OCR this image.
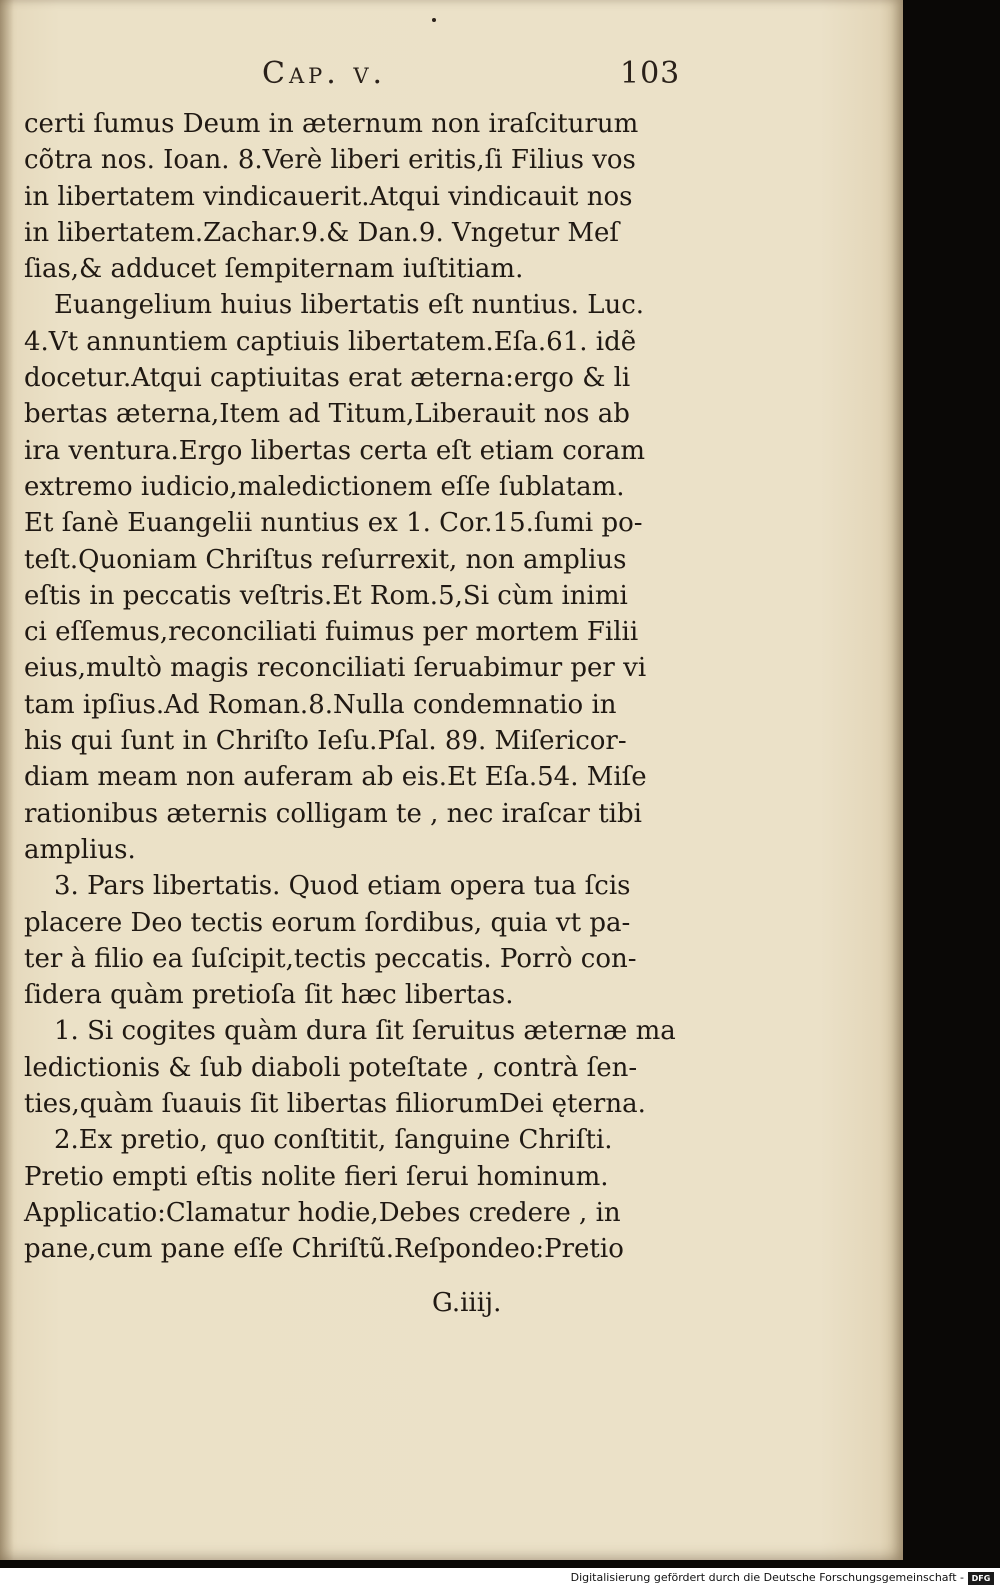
Cap. v.	103
certi ſumus Deum in æternum non iraſciturum
cõtra nos. Ioan. 8.Verè liberi eritis,ſi Filius vos
in libertatem vindicauerit.Atqui vindicauit nos
in libertatem.Zachar.9.& Dan.9. Vngetur Meſ
ſias,& adducet ſempiternam iuſtitiam.
Euangelium huius libertatis eſt nuntius. Luc.
4.Vt annuntiem captiuis libertatem.Eſa.61. idẽ
docetur.Atqui captiuitas erat æterna:ergo & li
bertas æterna,Item ad Titum,Liberauit nos ab
ira ventura.Ergo libertas certa eſt etiam coram
extremo iudicio,maledictionem eſſe ſublatam.
Et ſanè Euangelii nuntius ex 1. Cor.15.ſumi po-
teſt.Quoniam Chriſtus reſurrexit, non amplius
eſtis in peccatis veſtris.Et Rom.5,Si cùm inimi
ci eſſemus,reconciliati fuimus per mortem Filii
eius,multò magis reconciliati ſeruabimur per vi
tam ipſius.Ad Roman.8.Nulla condemnatio in
his qui ſunt in Chriſto Ieſu.Pſal. 89. Miſericor-
diam meam non auferam ab eis.Et Eſa.54. Miſe
rationibus æternis colligam te , nec iraſcar tibi
amplius.
3. Pars libertatis. Quod etiam opera tua ſcis
placere Deo tectis eorum ſordibus, quia vt pa-
ter à filio ea ſuſcipit,tectis peccatis. Porrò con-
ſidera quàm pretioſa ſit hæc libertas.
1. Si cogites quàm dura ſit ſeruitus æternæ ma
ledictionis & ſub diaboli poteſtate , contrà ſen-
ties,quàm ſuauis ſit libertas filiorumDei ęterna.
2.Ex pretio, quo conſtitit, ſanguine Chriſti.
Pretio empti eſtis nolite fieri ſerui hominum.
Applicatio:Clamatur hodie,Debes credere , in
pane,cum pane eſſe Chriſtũ.Reſpondeo:Pretio
G.iiij.
Digitalisierung gefördert durch die Deutsche Forschungsgemeinschaft - DFG
